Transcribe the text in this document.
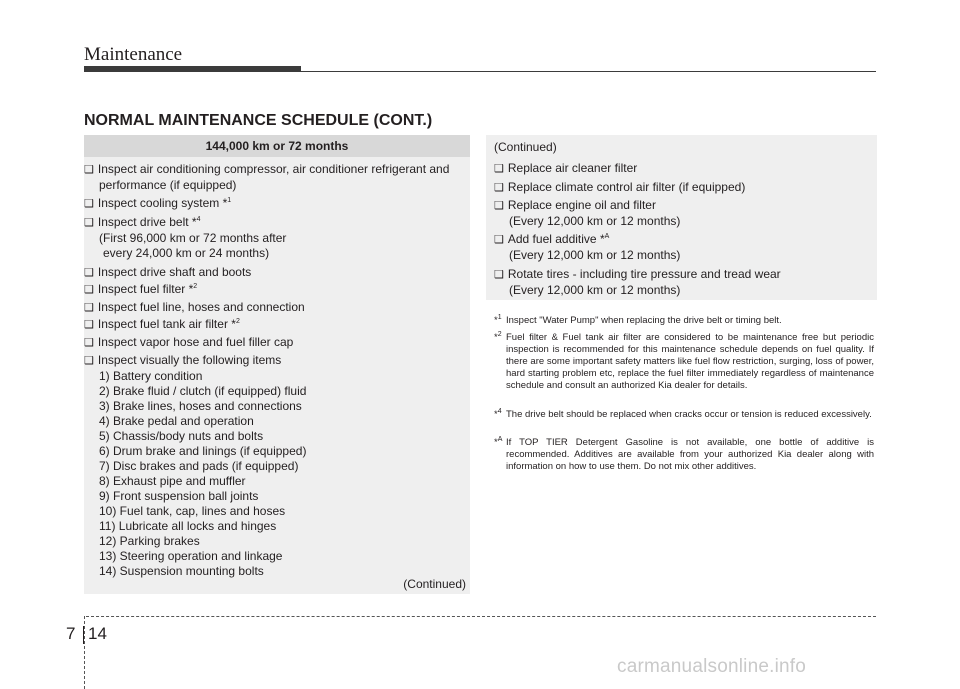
Maintenance
NORMAL MAINTENANCE SCHEDULE (CONT.)
144,000 km or 72 months
❑ Inspect air conditioning compressor, air conditioner refrigerant and
performance (if equipped)
❑ Inspect cooling system *$^1$
❑ Inspect drive belt *$^4$
(First 96,000 km or 72 months after
every 24,000 km or 24 months)
❑ Inspect drive shaft and boots
❑ Inspect fuel filter *$^2$
❑ Inspect fuel line, hoses and connection
❑ Inspect fuel tank air filter *$^2$
❑ Inspect vapor hose and fuel filler cap
❑ Inspect visually the following items
1) Battery condition
2) Brake fluid / clutch (if equipped) fluid
3) Brake lines, hoses and connections
4) Brake pedal and operation
5) Chassis/body nuts and bolts
6) Drum brake and linings (if equipped)
7) Disc brakes and pads (if equipped)
8) Exhaust pipe and muffler
9) Front suspension ball joints
10) Fuel tank, cap, lines and hoses
11) Lubricate all locks and hinges
12) Parking brakes
13) Steering operation and linkage
14) Suspension mounting bolts
(Continued)
(Continued)
❑ Replace air cleaner filter
❑ Replace climate control air filter (if equipped)
❑ Replace engine oil and filter
(Every 12,000 km or 12 months)
❑ Add fuel additive *$^A$
(Every 12,000 km or 12 months)
❑ Rotate tires - including tire pressure and tread wear
(Every 12,000 km or 12 months)
*$^1$ Inspect "Water Pump" when replacing the drive belt or timing belt.
*$^2$ Fuel filter & Fuel tank air filter are considered to be maintenance free but periodic inspection is recommended for this maintenance schedule depends on fuel quality. If there are some important safety matters like fuel flow restriction, surging, loss of power, hard starting problem etc, replace the fuel filter immediately regardless of maintenance schedule and consult an authorized Kia dealer for details.
*$^4$ The drive belt should be replaced when cracks occur or tension is reduced excessively.
*$^A$ If TOP TIER Detergent Gasoline is not available, one bottle of additive is recommended. Additives are available from your authorized Kia dealer along with information on how to use them. Do not mix other additives.
7 14
carmanualsonline.info
